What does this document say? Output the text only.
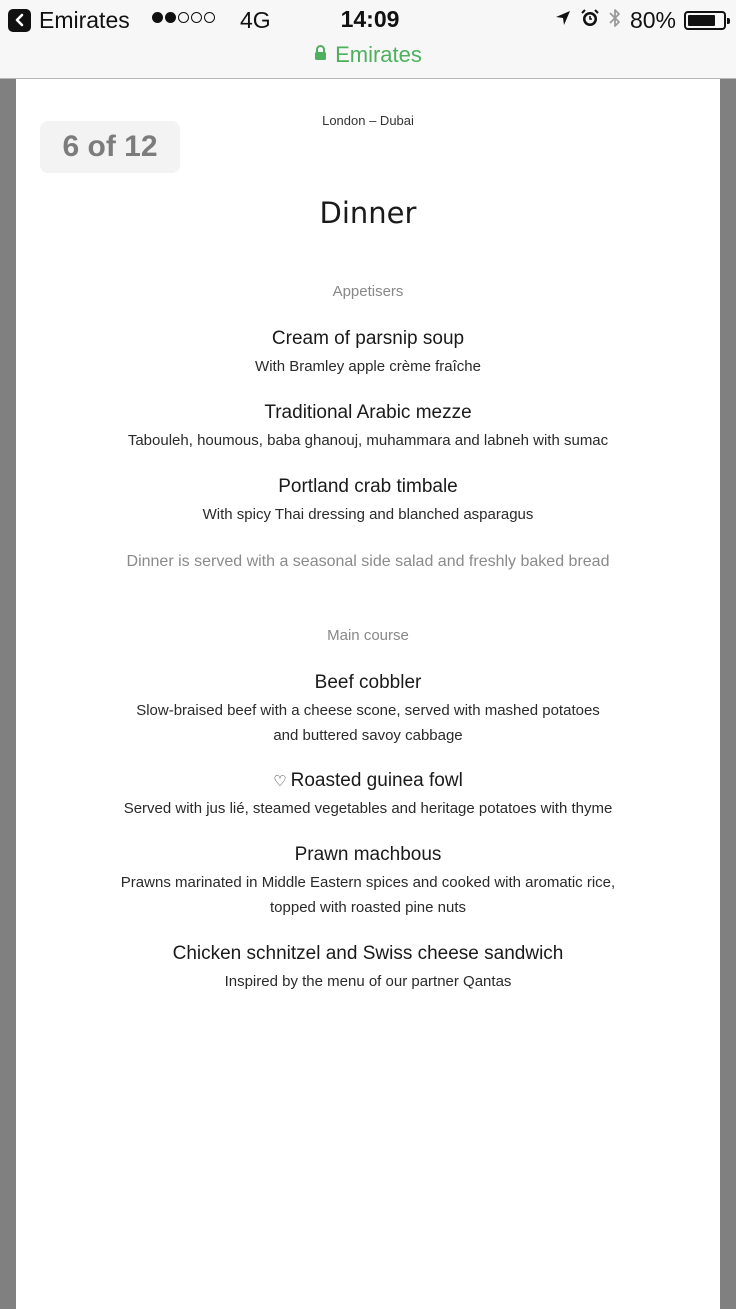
Emirates	4G	14:09	80%
Emirates
6 of 12
London – Dubai
Dinner
Appetisers
Cream of parsnip soup
With Bramley apple crème fraîche
Traditional Arabic mezze
Tabouleh, houmous, baba ghanouj, muhammara and labneh with sumac
Portland crab timbale
With spicy Thai dressing and blanched asparagus
Dinner is served with a seasonal side salad and freshly baked bread
Main course
Beef cobbler
Slow-braised beef with a cheese scone, served with mashed potatoes
and buttered savoy cabbage
♡ Roasted guinea fowl
Served with jus lié, steamed vegetables and heritage potatoes with thyme
Prawn machbous
Prawns marinated in Middle Eastern spices and cooked with aromatic rice,
topped with roasted pine nuts
Chicken schnitzel and Swiss cheese sandwich
Inspired by the menu of our partner Qantas
